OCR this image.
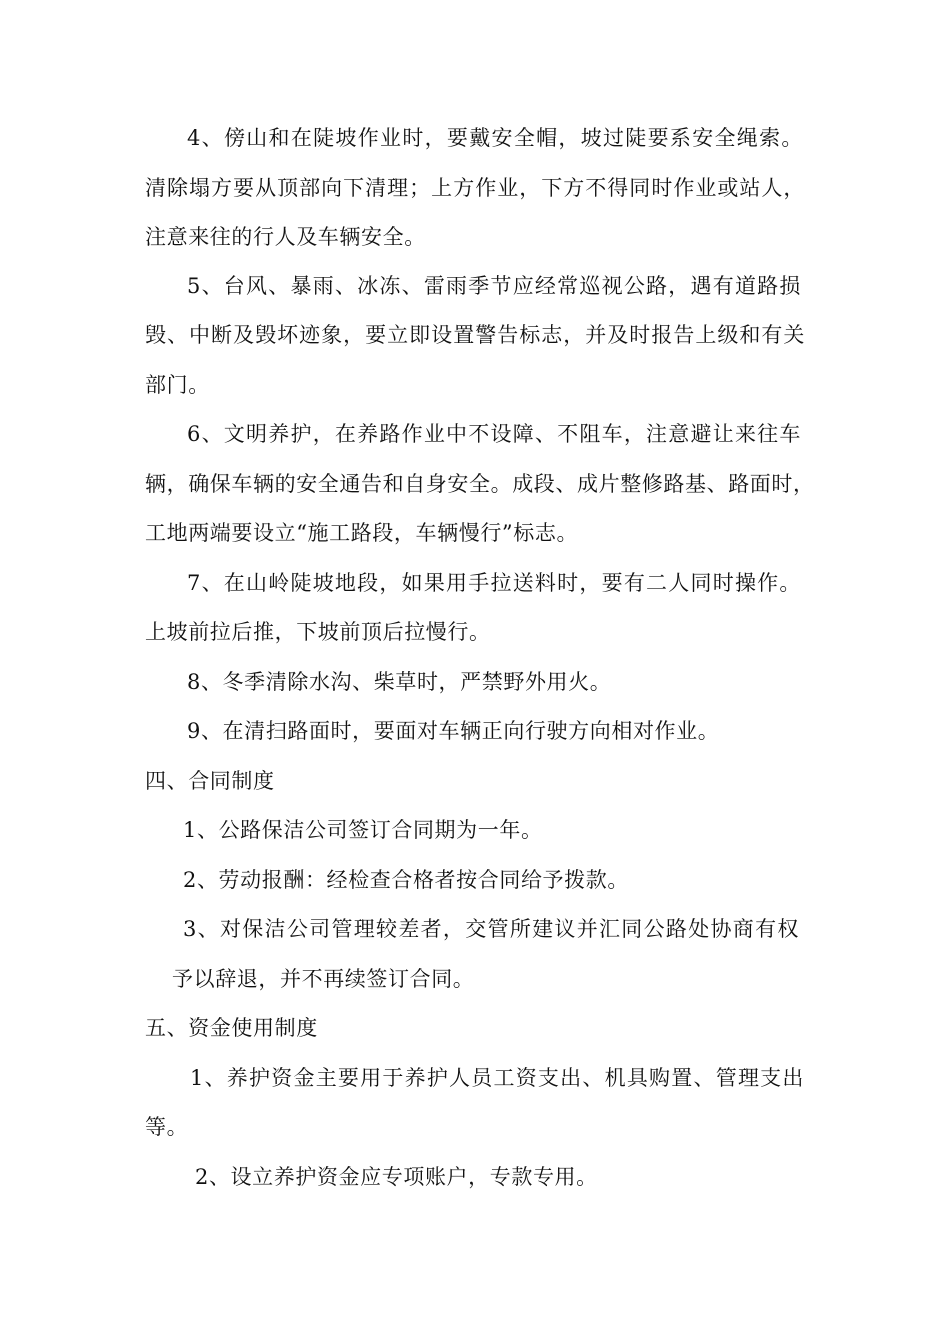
4、傍山和在陡坡作业时，要戴安全帽，坡过陡要系安全绳索。
清除塌方要从顶部向下清理；上方作业，下方不得同时作业或站人，
注意来往的行人及车辆安全。
5、台风、暴雨、冰冻、雷雨季节应经常巡视公路，遇有道路损
毁、中断及毁坏迹象，要立即设置警告标志，并及时报告上级和有关
部门。
6、文明养护，在养路作业中不设障、不阻车，注意避让来往车
辆，确保车辆的安全通告和自身安全。成段、成片整修路基、路面时，
工地两端要设立“施工路段，车辆慢行”标志。
7、在山岭陡坡地段，如果用手拉送料时，要有二人同时操作。
上坡前拉后推，下坡前顶后拉慢行。
8、冬季清除水沟、柴草时，严禁野外用火。
9、在清扫路面时，要面对车辆正向行驶方向相对作业。
四、合同制度
1、公路保洁公司签订合同期为一年。
2、劳动报酬：经检查合格者按合同给予拨款。
3、对保洁公司管理较差者，交管所建议并汇同公路处协商有权
予以辞退，并不再续签订合同。
五、资金使用制度
1、养护资金主要用于养护人员工资支出、机具购置、管理支出
等。
2、设立养护资金应专项账户，专款专用。
